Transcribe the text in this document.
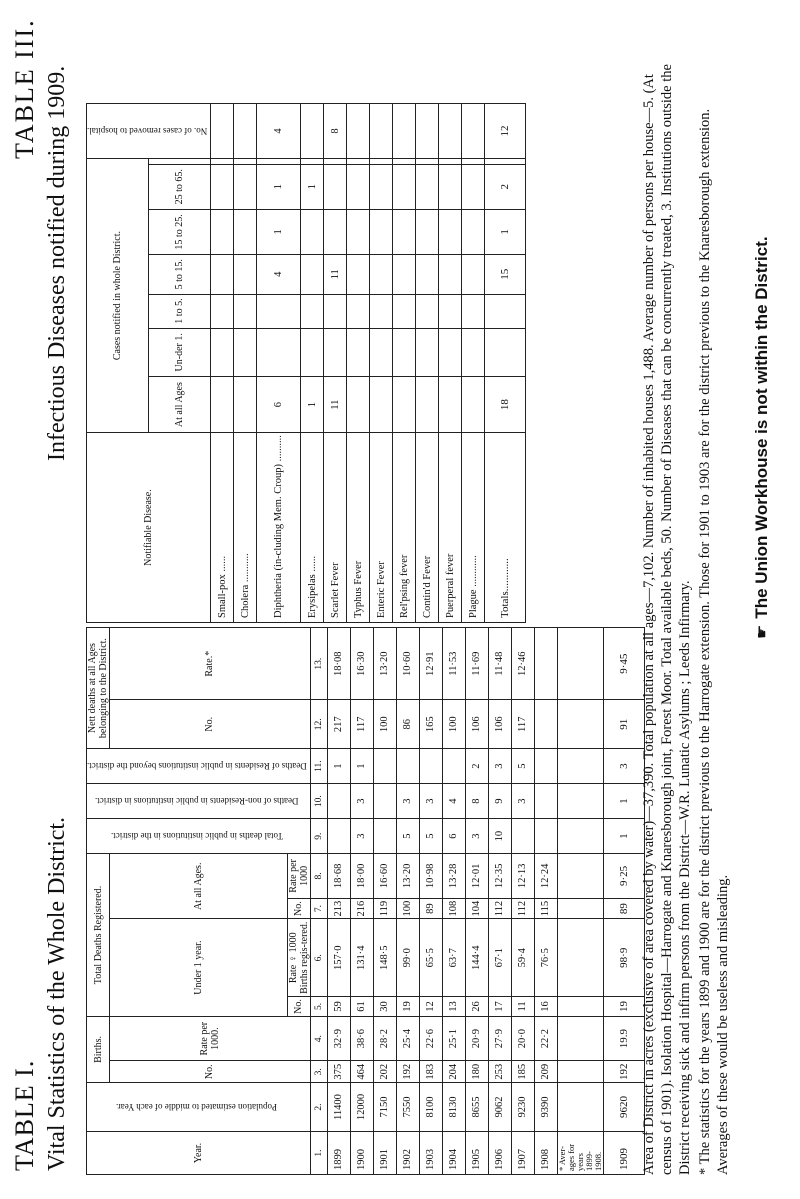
TABLE I. Vital Statistics of the Whole District.
TABLE III. Infectious Diseases notified during 1909.
Year.	Population estimated to middle of each Year.	Births.		Total Deaths Registered.				Total deaths in public institutions in the district.	Deaths of non-Residents in public institutions in district.	Deaths of Residents in public institutions beyond the district.	Nett deaths at all Ages belonging to the District.	
		No.	Rate per 1000.	Under 1 year.		At all Ages.					No.	Rate.*
				No.	Rate ♀ 1000 Births regis-tered.	No.	Rate per 1000					
1.	2.	3.	4.	5.	6.	7.	8.	9.	10.	11.	12.	13.
1899	11400	375	32·9	59	157·0	213	18·68			1	217	18·08
1900	12000	464	38·6	61	131·4	216	18·00	3	3	1	117	16·30
1901	7150	202	28·2	30	148·5	119	16·60				100	13·20
1902	7550	192	25·4	19	99·0	100	13·20	5	3		86	10·60
1903	8100	183	22·6	12	65·5	89	10·98	5	3		165	12·91
1904	8130	204	25·1	13	63·7	108	13·28	6	4		100	11·53
1905	8655	180	20·9	26	144·4	104	12·01	3	8	2	106	11·69
1906	9062	253	27·9	17	67·1	112	12·35	10	9	3	106	11·48
1907	9230	185	20·0	11	59·4	112	12·13		3	5	117	12·46
1908	9390	209	22·2	16	76·5	115	12·24					
* Aver-ages for years 1899-1908.												
1909	9620	192	19.9	19	98·9	89	9·25	1	1	3	91	9·45
Notifiable Disease.	Cases notified in whole District.							No. of cases removed to hospital.
	At all Ages	Un-der 1.	1 to 5.	5 to 15.	15 to 25.	25 to 65.		
Small-pox ......								
Cholera ...........								
Diphtheria (in-cluding Mem. Croup) ..........	6			4	1	1		4
Erysipelas ......	1					1		
Scarlet Fever	11			11				8
Typhus Fever								
Enteric Fever								
Rel'psing fever								
Contin'd Fever								
Puerperal fever								
Plague ............								
Totals............	18			15	1	2		12	Area of District in acres (exclusive of area covered by water)—37,390. Total population at all ages—7,102. Number of inhabited houses 1,488. Average number of persons per house—5. (At census of 1901). Isolation Hospital—Harrogate and Knaresborough joint, Forest Moor. Total available beds, 50. Number of Diseases that can be concurrently treated, 3. Institutions outside the District receiving sick and infirm persons from the District—W.R. Lunatic Asylums ; Leeds Infirmary. * The statistics for the years 1899 and 1900 are for the district previous to the Harrogate extension. Those for 1901 to 1903 are for the district previous to the Knaresborough extension. Averages of these would be useless and misleading.
☛The Union Workhouse is not within the District.
